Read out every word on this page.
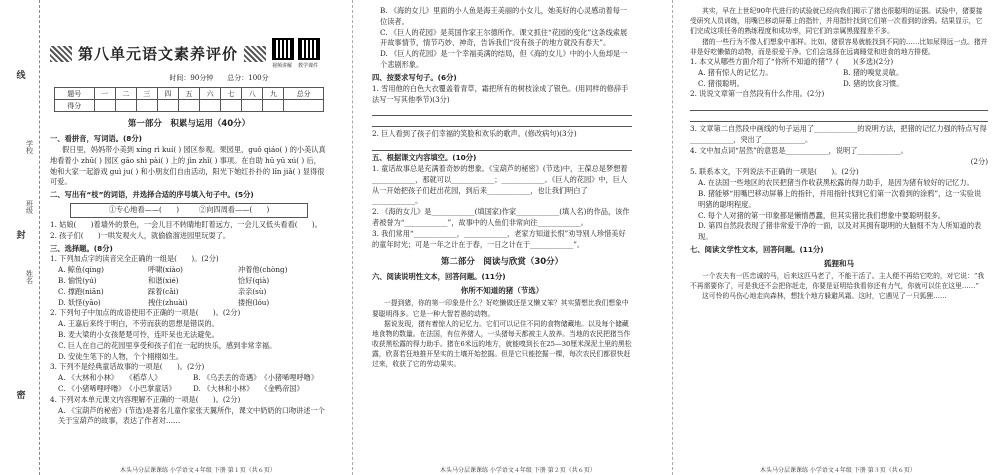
学校
班级
姓名
线
封
密
第八单元语文素养评价
视频讲解	教学课件
时间：90分钟　　总分：100分
题号	一	二	三	四	五	六	七	八	九	总分
得分										
第一部分　积累与运用（40分）
一、看拼音，写词语。(8分)

假日里，妈妈带小美到 xíng rì kuí( ) 园区参观。果园里，guǒ qiáo( ) 的小美认真地看着小 zhū( ) 园区 gāo shì pài( ) 上的 jìn zhǐ( ) 事项。在自助 hū yū xú( ) 后，她和大家一起游戏 guì ju( ) 和小朋友们自由活动，阳光下她红扑扑的 lǐn jiǎ( ) 显得很可爱。

二、写出有“枝”的词语，并选择合适的序号填入句子中。(5分)
①专心地看——(　　)	②向四周看——(　　)

1. 姑娘(　　)着墙外的景色，一会儿目不转睛地盯着远方，一会儿又低头看看(　　)。

2. 孩子们(　　)一哄发观火人，就偷偷溜进园里玩耍了。

三、选择题。(8分)

1. 下列加点字的读音完全正确的一组是(　　)。(2分)

A. 鲸鱼(qíng)	呼啸(xiào)	冲着他(chòng)
B. 愉悦(yú)	和谐(xié)	恰好(qià)
C. 撑跑(niān)	踩着(cǎi)	亲亲(sù)
D. 妖怪(yāo)	拽住(zhuài)	搂抱(lóu)

2. 下列句子中加点的成语使用不正确的一项是(　　)。(2分)

A. 王嘉后来终于明白，不劳而获的思想是错误的。

B. 麦大梁的小女孩楚楚可怜，连吓呆也无法避免。

C. 巨人在自己的花园里享受和孩子们在一起的快乐，感到非常幸福。

D. 安徒生笔下的人物，个个栩栩如生。

3. 下列不是经典童话故事的一项是(　　)。(2分)

A. 《大林和小林》	《稻草人》	B. 《乌丢丢的奇遇》 《小猪唏哩呼噜》
C. 《小猪唏哩呼噜》 《小巴掌童话》	D. 《大林和小林》 《金鸭帝国》

4. 下列对本单元课文内容理解不正确的一项是(　　)。(2分)

A. 《宝葫芦的秘密》(节选)是著名儿童作家张天翼所作，课文中奶奶的口吻讲述一个关于宝葫芦的故事，表达了作者对……

木头马分层课课练 小学语文４年级 下册 第１页（共６页）

B. 《海的女儿》里面的小人鱼是海王美丽的小女儿，她美好的心灵感动着每一位读者。

C. 《巨人的花园》是英国作家王尔德所作。课文抓住“花园的变化”这条线索展开故事情节，情节巧妙、神奇，告诉我们“没有孩子的地方就没有春天”。

D. 《巨人的花园》是一个幸福美满的结局，但《海的女儿》中的小人鱼却是一个悲剧形象。

四、按要求写句子。(6分)

1. 雪用他的白色大衣覆盖着青草，霜把所有的树枝涂成了银色。(用同样的修辞手法写一写其他季节)(3分)

2. 巨人看到了孩子们幸福的笑脸和欢乐的歌声。(修改病句)(3分)

五、根据课文内容填空。(10分)

1. 童话故事总是充满着奇妙的想象。《宝葫芦的秘密》(节选)中，王葆总是梦想着____________，那就可以____________；____________。《巨人的花园》中，巨人从一开始把孩子们赶出花园，到后来____________，也让我们明白了____________。

2. 《海的女儿》是____________(填国家)作家____________(填人名)的作品，该作者被誉为“____________”，故事中的人鱼们非常向往____________。

3. 我们常用“____________，____________，老家方知道长恨”劝导别人珍惜美好的童年时光；可是一年之计在于春，一日之计在于____________”。

第二部分　阅读与欣赏（30分）
六、阅读说明性文本，回答问题。(11分)
你所不知道的猪（节选）

一提到猪，你的第一印象是什么？好吃懒做还是又懒又笨？其实猜想比我们想象中要聪明得多。它是一种大智若愚的动物。

据说发现，猪有着惊人的记忆力。它们可以记住不同的食物储藏地。以及每个储藏地食物的数量。在法国，有位养猪人，一头猪每天都被主人放养。当地的农民把猪当作收获黑松露的得力助手。猪在6米远的地方，就能嗅到长在25—30厘米深泥土里的黑松露，欣喜若狂地推开坚实的土壤开始挖掘。但是它只能挖掘一棵，每次农民们都很快赶过来，收获了它的劳动果实。

木头马分层课课练 小学语文４年级 下册 第２页（共６页）

其实，早在上世纪90年代进行的试验就已经向我们揭示了猪也很聪明的证据。试验中，猪要接受研究人员训练，用嘴巴移动屏幕上的指针，并用指针找到它们第一次看到的涂鸦。结果显示，它们完成这项任务的熟练程度和成功率，同它们的亲属黑猩猩差不多。

猪的一些行为不像人们想象中那样。比如，猪很容易就能找到不同的……比如尿得远一点。猪并非是好吃懒做的动物，而是很爱干净。它们会选择在远离睡觉和进食的地方排便。

1. 本文从哪些方面介绍了“你所不知道的猪”？(　　)(多选)(2分)

A. 猪有惊人的记忆力。	B. 猪的嗅觉灵敏。
C. 猪很聪明。	D. 猪的饮食习惯。

2. 说说文章第一自然段有什么作用。(2分)

3. 文章第二自然段中画线的句子运用了____________的说明方法，把猪的记忆力强的特点写得____________，突出了____________。

4. 文中加点词“居然”的意思是____________，说明了____________。

(2分)

5. 联系本文，下列说法不正确的一项是(　　)。(2分)

A. 在法国一些地区的农民把猪当作收获黑松露的得力助手，是因为猪有较好的记忆力。

B. 猪能够“用嘴巴移动屏幕上的指针，并用指针找到它们第一次看到的涂鸦”，这一实验说明猪的聪明程度。

C. 每个人对猪的第一印象都是懒惰愚蠢，但其实猪比我们想象中要聪明很多。

D. 第四自然段表现了猪非常爱干净的一面，以及对其拥有聪明的大脑细不为人所知道的表现。

七、阅读文学性文本，回答问题。(11分)
狐狸和马

一个农夫有一匹忠诚的马，后来这匹马老了，不能干活了。主人便不再给它吃的，对它说：“我不再需要你了，可是我还不会把你赶走，你要是证明给我看你还有力气，你就可以住在这里……”

这可怜的马伤心地走向森林，想找个地方躲避风霜。这时，它遇见了一只狐狸……

木头马分层课课练 小学语文４年级 下册 第３页（共６页）
